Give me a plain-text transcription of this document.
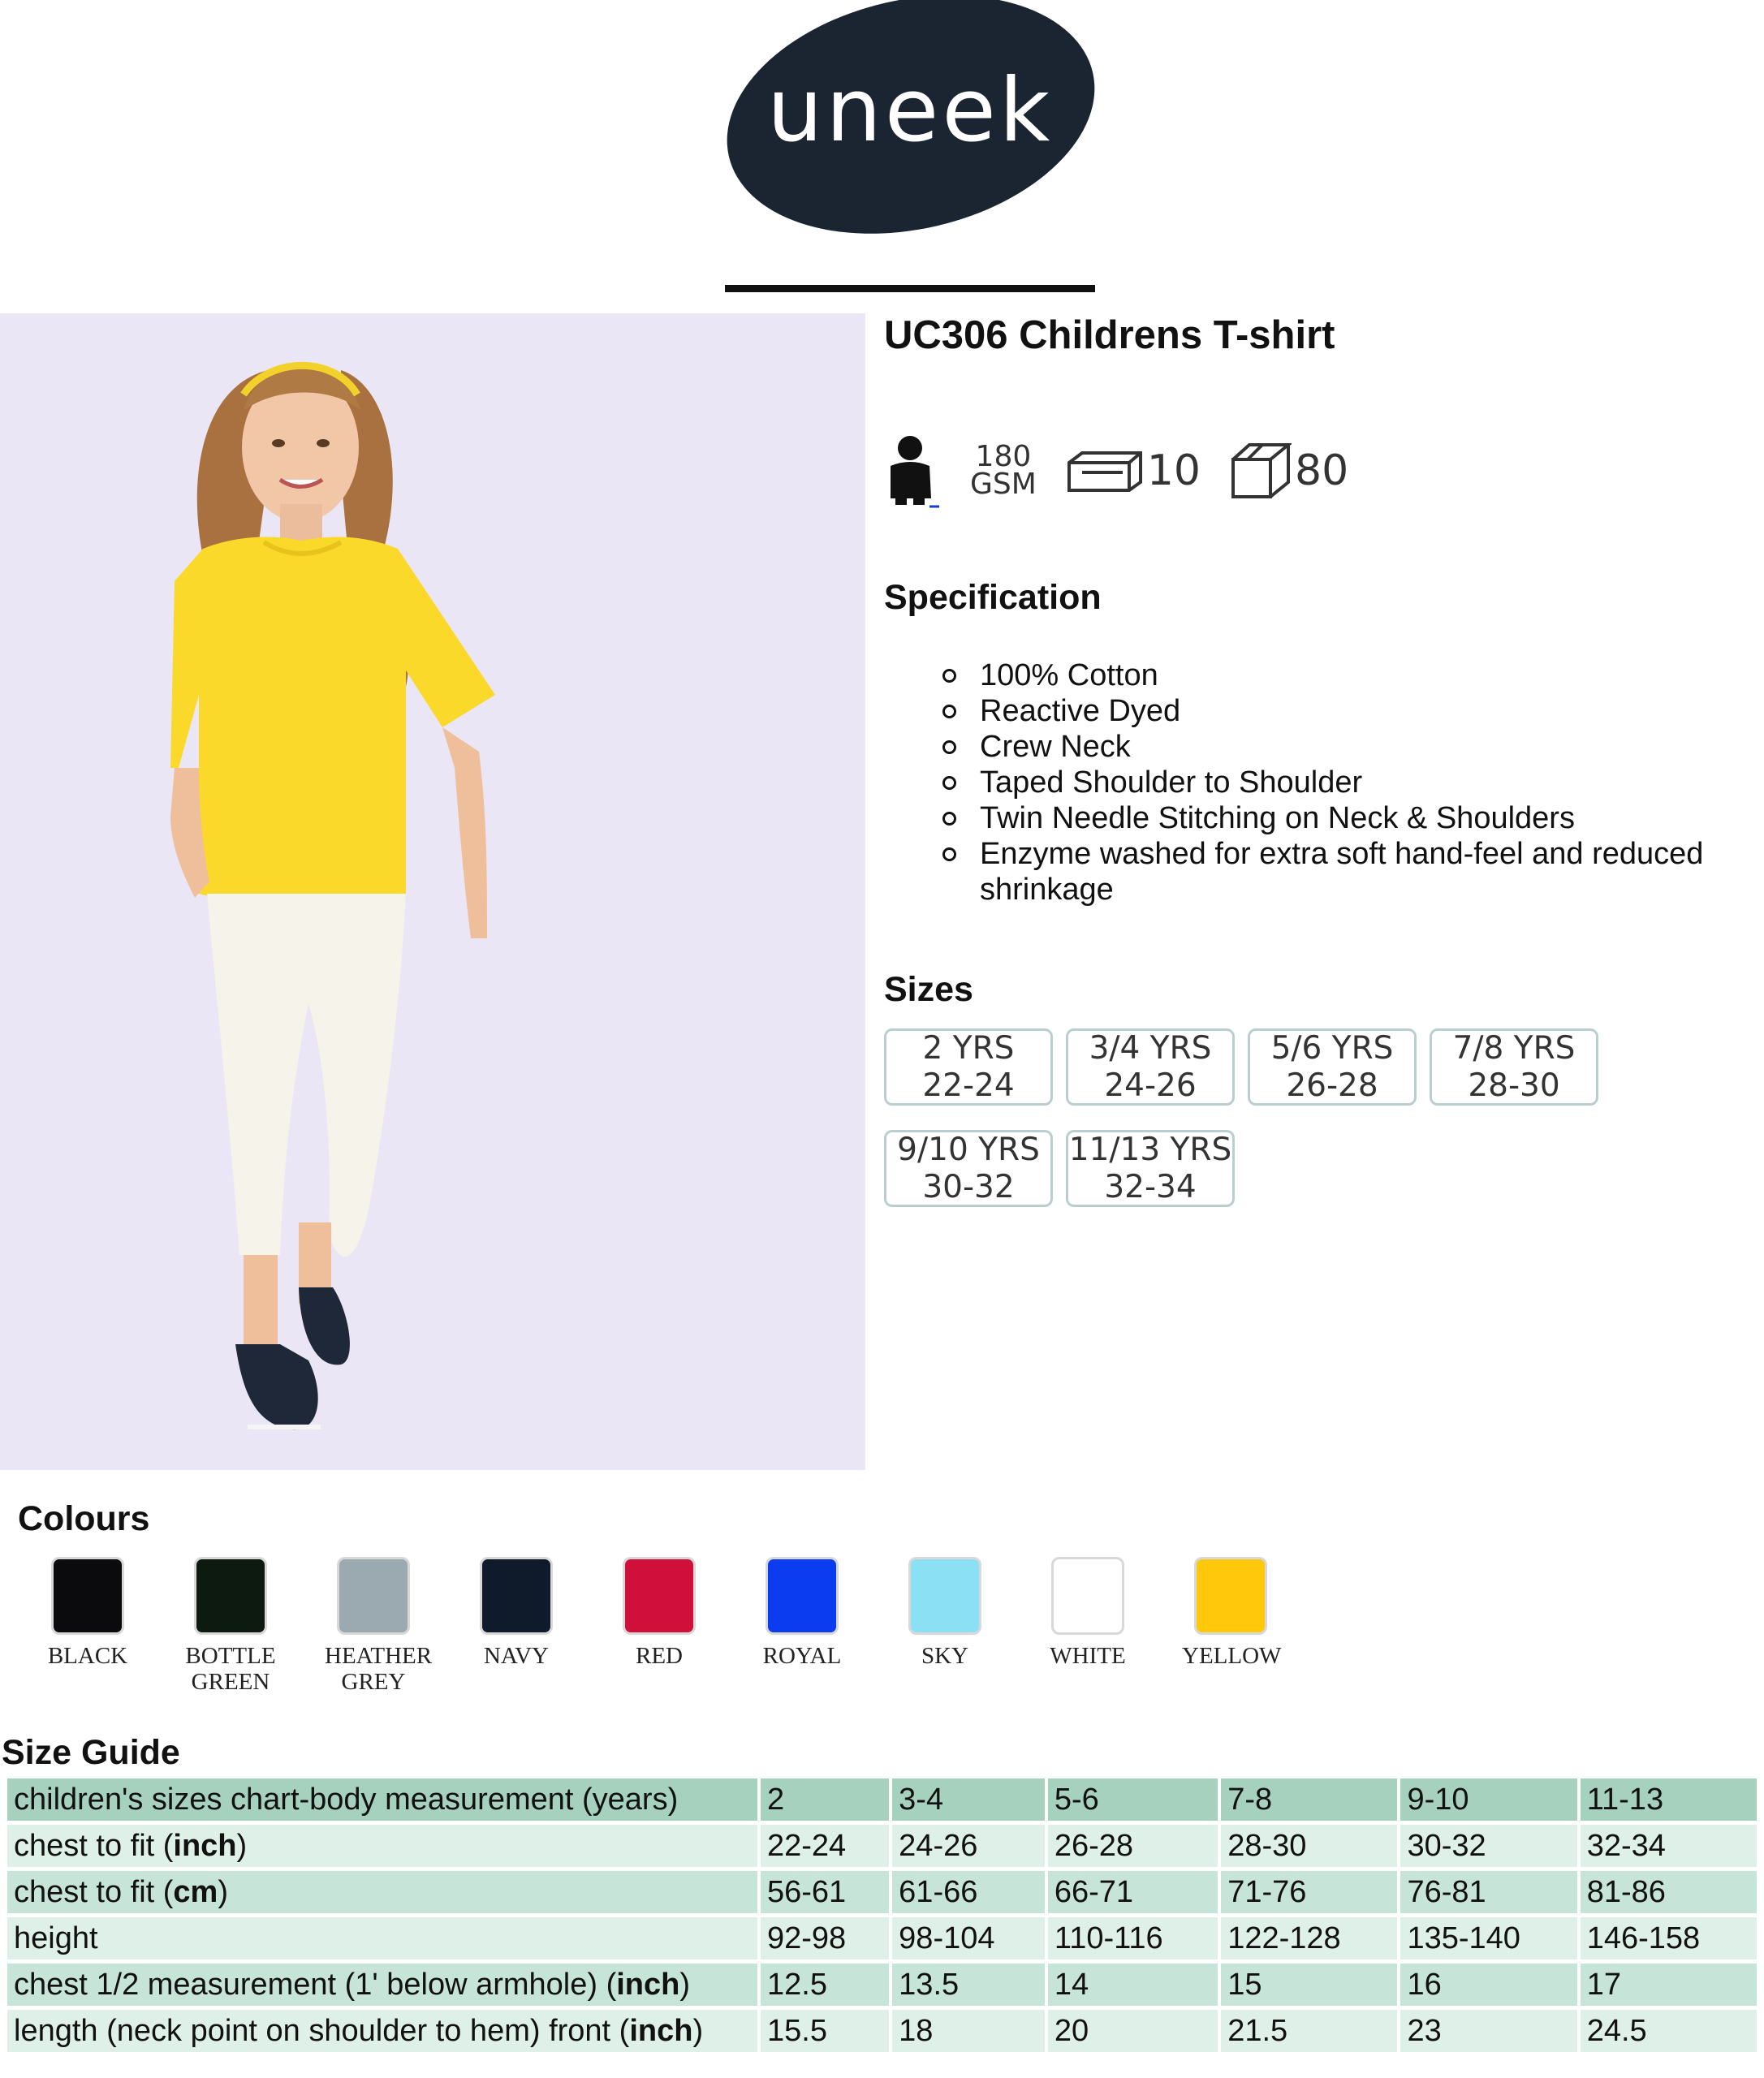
uneek
UC306 Childrens T-shirt
180
GSM	10 80
Specification
100% Cotton
Reactive Dyed
Crew Neck
Taped Shoulder to Shoulder
Twin Needle Stitching on Neck & Shoulders
Enzyme washed for extra soft hand-feel and reduced shrinkage
Sizes
2 YRS
22-24
3/4 YRS
24-26
5/6 YRS
26-28
7/8 YRS
28-30
9/10 YRS
30-32
11/13 YRS
32-34
Colours
BLACK	BOTTLE GREEN
HEATHER GREY
NAVY	RED	ROYAL	SKY	WHITE	YELLOW
Size Guide
children's sizes chart-body measurement (years)	2	3-4	5-6	7-8	9-10	11-13
chest to fit (inch)	22-24	24-26	26-28	28-30	30-32	32-34
chest to fit (cm)	56-61	61-66	66-71	71-76	76-81	81-86
height	92-98	98-104	110-116	122-128	135-140	146-158
chest 1/2 measurement (1' below armhole) (inch)	12.5	13.5	14	15	16	17
length (neck point on shoulder to hem) front (inch)	15.5	18	20	21.5	23	24.5
